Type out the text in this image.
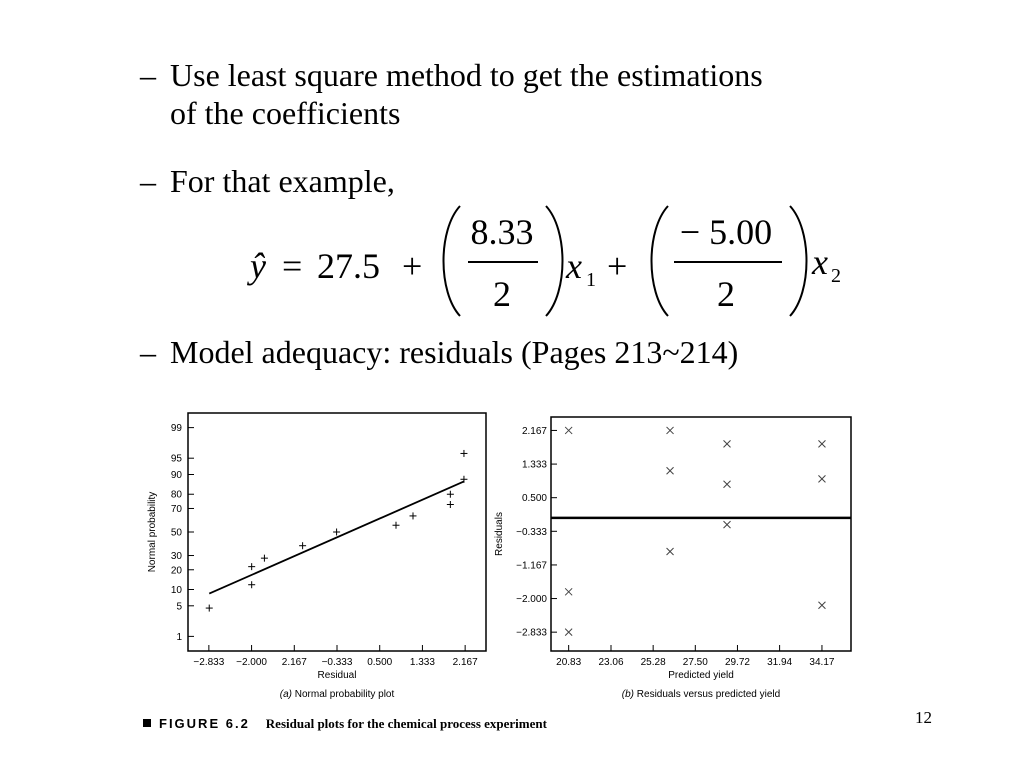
– Use least square method to get the estimations
of the coefficients
– For that example,
ŷ = 27.5 +
8.33
2
x 1 +
− 5.00
2
x 2
– Model adequacy: residuals (Pages 213~214)
1
5
10
20
30
50
70
80
90
95
99
−2.833 −2.000 2.167 −0.333 0.500 1.333 2.167
Residual
Normal probability
(a) Normal probability plot
2.167
1.333
0.500
−0.333
−1.167
−2.000
−2.833
20.83 23.06 25.28 27.50 29.72 31.94 34.17
Predicted yield
Residuals
(b) Residuals versus predicted yield
FIGURE 6.2 Residual plots for the chemical process experiment	12
